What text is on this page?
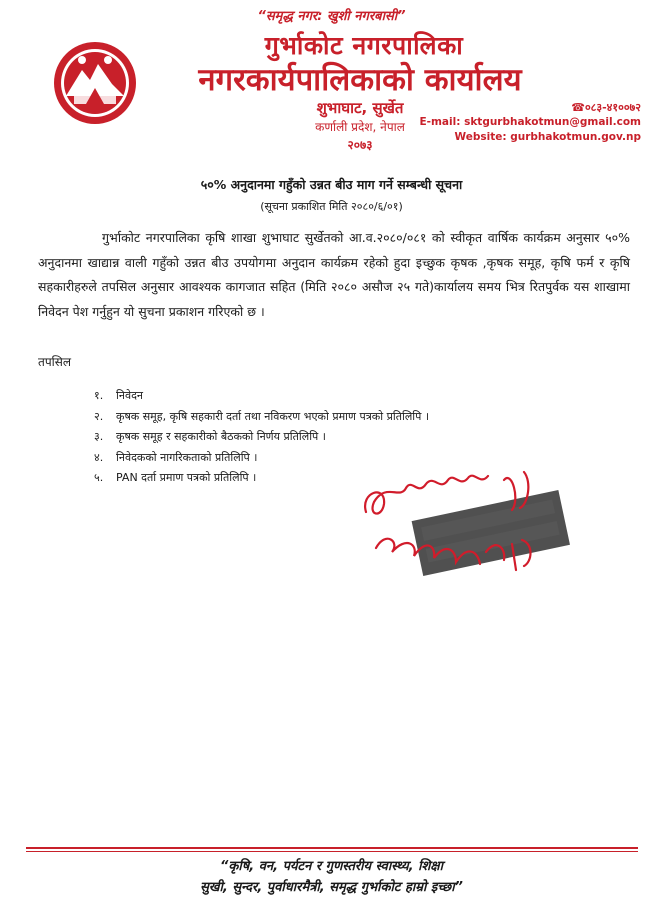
“समृद्ध नगर: खुशी नगरबासी”
गुर्भाकोट नगरपालिका
नगरकार्यपालिकाको कार्यालय
शुभाघाट, सुर्खेत
कर्णाली प्रदेश, नेपाल
२०७३
☎०८३-४१००७२
E-mail: sktgurbhakotmun@gmail.com
Website: gurbhakotmun.gov.np
५०% अनुदानमा गहुँको उन्नत बीउ माग गर्ने सम्बन्धी सूचना
(सूचना प्रकाशित मिति २०८०/६/०१)

गुर्भाकोट नगरपालिका कृषि शाखा शुभाघाट सुर्खेतको आ.व.२०८०/०८१ को स्वीकृत वार्षिक कार्यक्रम अनुसार ५०% अनुदानमा खाद्यान्न वाली गहुँको उन्नत बीउ उपयोगमा अनुदान कार्यक्रम रहेको हुदा इच्छुक कृषक ,कृषक समूह, कृषि फर्म र कृषि सहकारीहरुले तपसिल अनुसार आवश्यक कागजात सहित (मिति २०८० असौज २५ गते)कार्यालय समय भित्र रितपुर्वक यस शाखामा निवेदन पेश गर्नुहुन यो सुचना प्रकाशन गरिएको छ ।

तपसिल
१. निवेदन
२. कृषक समूह, कृषि सहकारी दर्ता तथा नविकरण भएको प्रमाण पत्रको प्रतिलिपि ।
३. कृषक समूह र सहकारीको बैठकको निर्णय प्रतिलिपि ।
४. निवेदकको नागरिकताको प्रतिलिपि ।
५. PAN दर्ता प्रमाण पत्रको प्रतिलिपि ।
“कृषि, वन, पर्यटन र गुणस्तरीय स्वास्थ्य, शिक्षा
सुखी, सुन्दर, पुर्वाधारमैत्री, समृद्ध गुर्भाकोट हाम्रो इच्छा”
